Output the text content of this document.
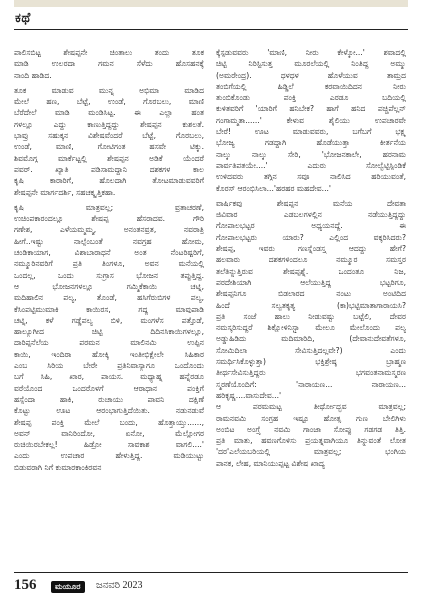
ಕಥೆ
ಪಾಲಿಸಬಿಟ್ಟ ಶೇಷಪ್ಪನೇ ಚಿಂತಾಲು ತಂದು ತೂಕ
ಮಾಡಿ ಉಲರದಾ ಗಮನ ಸೆಳೆದು ಹೊಸಹನಕ್ಕೆ
ನಾಂದಿ ಹಾಡಿದ.
ತೂಕ ಮಾಡುವ ಮುನ್ನ ಅಭಿಮಾ ಮಾಡಿದ
ಮೇಲೆ ಹಣ, ಬೆಟ್ಟೆ, ಉಂಡೆ, ಗೊರಬಲು, ಮಾಣಿ
ಬೆರೆದೇಲೆ ಮಾಡಿ ಮಂಡಿಸಿಟ್ಟ. ಈ ಎಲ್ಲಾ ಹಂತ
ಗಳಲ್ಲೂ ಎದ್ದು ಕಾಣುತ್ತಿದ್ದದ್ದು ಶೇಷಪ್ಪನ ಕುಶಲತೆ.
ಭಾವ್ರು ಸಹುಕ್ಕನ ವಿಶೇಷವೆಂದರೆ ಬೆಟ್ಟೆ, ಗೊರಬಲು,
ಉಂಡೆ, ಮಾಣಿ, ಗೋಟಿಗಂತ ಹಸವೇ ಟಿಕ್ಕು.
ಶಿವಮೊಗ್ಗ ಮಾರ್ಕೆಟ್ಟಲ್ಲಿ ಶೇಷಪ್ಪನ ಅಡಿಕೆ ಯೆಂದರೆ
ಪವರ್. ಖ್ಯಾತಿ ಪಡಿಸಾಮದ್ದಾನಿ ದಶಕಗಳ ಕಾಲ
ಕೃಷಿ ಕಾರಾರಿಗೆ, ಹೊಲದಾಗಿ ತೋಟಮಾಡುವವರಿಗೆ
ಶೇಷಪ್ಪನೇ ಮಾರ್ಗದರ್ಶಿ, ಸಹಚಕ್ಕೃತ್ತಿಕಹಾ.
ಕೃಷಿ ಮಾತ್ರವಲ್ಲ; ವ್ರತಾಚರಣೆ,
ಉಚಿಂಪಕಾರಂದಲ್ಲೂ ಶೇಷಪ್ಪ ಹೆಸರಾದವ. ಗೌರಿ
ಗಣೇಶ, ಎಳೆಯಮ್ಮಮ್ಮ, ಅನಂತನವ್ರತ, ನವರಾತ್ರಿ
ಹೀಗೆ..ಇಷ್ಟು ನಾಲ್ಪೆಂಬಂತೆ ನವಗ್ರಹ ಹೋಮ,
ಚಂಡಿಕಾಯಾಗ, ವಿಶಾಬಾರಾಧನೆ ಅಂತ ನೆಂಟರಿಷ್ಟರಿಗೆ,
ನಮ್ಮೂರಿನವರಿಗೆ ಪ್ರತಿ ತಿಂಗಳೂ, ಅವನ ಮನೆಯಲ್ಲಿ
ಒಂದಲ್ಲ, ಒಂದು ಸುಗ್ರಾಸ ಭೋಜನ ತಪ್ಪುತ್ತಿದ್ದ.
ಆ ಭೋಜನಗಳಲ್ಲೂ ಗಮ್ಮಿಕೆಕಾಯಿ ಚಟ್ನಿ,
ಮದಿಹಾಲಿನ ಪಲ್ಯ, ತೊಂಡೆ, ಹಸಿಗೆರುಬಿಗಳ ಪಲ್ಯ,
ಕೆಸಿಂಪಟ್ಟಿಮುಮಾಕಿ ಕಾಯಿರಸ, ಗದ್ದ ಮಾವುಪಾಡಿ
ಚಟ್ನಿ, ಕಳೆ ಗಡ್ಡೆಪಲ್ಯ ಬಿಳಿ, ಮಂಗಳೆಸ ಪತ್ತೊಡೆ,
ಹಾಲ್ಯೂಗೀದ ಚಿಟ್ಟಿ ದಿದಿನಸಿಕಾಯಿಗಳಲ್ಲೂ,
ದಾರಿಪ್ಪನೆಲೆಯ ಪರಮನ ಮಾಲಿನಮಿ ಉಪ್ಪಿನ
ಕಾಯಿ, ಇಂದಿರಾ ಹೋಕ್ಕಿ ಇಂತೀಭಿಕ್ಷೇಲೇ ಸಿಹಿಕಾರ
ಎಂಬ ಸಿರಿಯ ಬೇರೇ ಪ್ರತಿನಿವಾಸ್ಯಾಗೂ ಒಂದೊಂದು
ಬಗೆ ಸಿಹಿ, ಖಾರ, ಪಾಯಸ. ಮಧ್ಯಾಹ್ನ ಹನ್ನೆರಡೂ
ವರೆಯೊಂದ ಒಂದರೊಳಗೆ ಆರಾಧಾನ ಪಂಕ್ತಿಗೆ
ಹಸ್ಸೆಂದಾ ಹಾಕಿ, ರುಚಾಯು ಪಾವನಿ ದಕ್ಷಿಣೆ
ಕೊಟ್ಟು ಊಟ ಆರಂಭಾಗುತ್ತಿದೆಯಿತು. ನಡುನಡುವೆ
ಶೇಷಪ್ಪ ಪಂಕ್ತಿ ಮೇಲೆ ಬಂದು, ಹೊತ್ತಾಯ್ತು......,
ಅವನ್ ವಾನಿರಿಂದೋ, ಏನೋ, ಮೆಲ್ಲೋಗರ
ರುಚಿಯಿರಬೇಕಲ್ಲ! ಹಿಡ್ರೋ ಸಾವಕಾಶ ವಾಗಲಿ....'
ಎಂದು ಉಪಚಾರ ಹೇಳುತ್ತಿದ್ದ. ಮಡಿಯುಟ್ಟು
ಬಿಡುವರಾಗಿ ನಿಗೆ ಕುಮಾರಕಾಂಕಿರವನ
ಕ್ಕೆಸ್ಪಡುವವರು 'ಮಾಣಿ, ನೀರು ಕೇಳ್ಕೋ...' ಶವಾದಲ್ಲಿ
ಚಿಟ್ಟಿ ನಿರಿಸ್ಟಿಸುತ್ತ ಮೂರಲೆಯಲ್ಲಿ ನಿಂತಿದ್ದ ಅಮ್ಮು
(ಅಮರೇಂದ್ರ). ಧಳಧಳ ಹೊಳೆಯುವ ತಾಮ್ರದ
ತಂಬಿಗೆಯಲ್ಲಿ ಹಿಡ್ಡಿಲೆ ಕರವಾಯಿದಿದನ ನೀರು
ತುಂಬಿಕೊಂಡು ಪಂಕ್ತಿ ಎರಡೂ ಬದಿಯಲ್ಲಿ
ಕುಳಿತವರಿಗೆ 'ಯಾರಿಗೆ ಹನಿಬೇಕ? ಹಾಗೆ ಹನಿದ ಪಚ್ಚಿಪೆಲ್ಲನ್
ಗಂಗಾಮ್ಮತಾ......' ಕೇಳುವ ಶೈಲಿಯು ಉಪಚಾರವೇ
ಬೇರೆ! ಊಟ ಮಾಡುವವರು, ಬಗೆಬಗೆ ಭಕ್ಷ್ಯ
ಭೋಜ್ಯ ಗಡದ್ದಾಗಿ ಹೊಡೆಯುತ್ತಾ ಕೀರ್ತನೆಯ
ನಾಲ್ಕು ನಾಲ್ಕು ಸೇರಿ, 'ಭೋಜನಕಾಲೇ, ಹರನಾಮ
ಪಾರ್ವತಿಪತಯೇ....' ಎದುರು ಸೋಲ್ವೆಟ್ಟಿಸ್ಪಿಂಡಿಕೆ
ಉಳಿದವರು ತಗ್ಗಿನ ಸವೂ ನಾಲಿಸಿದ ಹರಿಯುವಂತೆ,
ಕೊರಸ್ ಆರಂಭಿಸಿಲಾ...'ಹರಹರ ಮಹದೇವ...'
ವಾರ್ಷಿಕವು ಶೇಷಪ್ಪನ ಮನೆಯ ದೇವತಾ
ಜಿವಿವಾರ ಎಡಬಲಗಳಲ್ಲಿನ ನಡೆಯುತ್ತಿದ್ದದ್ದು
ಗೋಪಾಲಭಟ್ಟರ ಅಧ್ಯಯನದ್ದೆ. ಈ
ಗೋಪಾಲಭಟ್ಟರು ಯಾರು? ಎಲ್ಲಿಂದ ವಕ್ಕರಿಸಿದರು?
ಶೇಷಪ್ಪ, ಇವರು ಗಣಸ್ನೆಂಡಸ್ತ್ರ ಆದದ್ದು ಹೇಗೆ?
ಹಲವಾರು ದಶಕಗಳಿಂದಲೂ ನಮ್ಮೂರ ಸಮಸ್ತರ
ತಲೆತಿನ್ನುತ್ತಿರುವ ಶೇಷಪ್ಪಶ್ನೆ. ಒಂದಂತೂ ನಿಜ,
ಪರದೇಶಿಯಾಗಿ ಆಲೆಯುತ್ತಿದ್ದ ಭಟ್ಟರಿಗೂ,
ಶೇಷಪ್ಪನಿಗೂ ಬಿಡಲಾರದ ನಂಟು ಅಂಟಿದಿದ
ಹಿಂದೆ ಸಲ್ವತಕೃತ್ಯ (ಕಾ)ಭಟ್ಟಿಮಾತಾಗಾರಾಯಸಿ?
ಪ್ರತಿ ಸಂಜೆ ಹಾಲು ನೀಡುವಷ್ಟು ಬಟ್ಟೆಲಿ, ದೇವರ
ನಮಸ್ಕರಿಸುದ್ದರೆ ಶಿಕ್ಷೋಳಿನಿಸ್ಟ್ಲಾ ಮೇಲೂ ಮೇಲೊಂದು ಪಲ್ಯ
ಅಡ್ಡುಹಿಡಿದು ಮದಿಮಾರಿದಿ, (ದೇವಾನುದೇವತೆಗಳೂ,
ಸೋಮಿದಿಲಾ ಸೇವಿಸುತ್ತಿದಲ್ಲವೇ?) ಎಂದು
ಸಮರ್ಥಿಸಿಕೊಳ್ಳುತ್ತಾ) ಭಕ್ತಿಶ್ರೇಷ್ಠ ಬ್ರಾಹ್ಮಣ
ತೀರ್ಥಸೇವಿಸುತ್ತಿದ್ದರು ಭಗವಂತನಾಮಸ್ಮರಣ
ಸ್ಮರಣೆಯೊಂದಿಗೆ: 'ನಾರಾಯಣ... ನಾರಾಯಣ...
ಹರಿಕೃಷ್ಣ....ವಾಸುದೇವ...'
ಆ ಪರಮಮಟ್ಟ ತೀರ್ಥೋದ್ಭವ ಮಾತ್ರವಲ್ಲ;
ರಾಮನವಮಿ ಸಂಗ್ರಹ ಇಷ್ಟೂ ಹೋತ್ಸ ಗುಣ ಬೇಲಿಗಿಳು
ಅಂಬಿಟ ಅಂಗ್ರ್ಯೆ ನವಮಿ ಗಾಂಜಾ ಸೋಪ್ಪು ಗಡಗಡ ತಿತ್ತಿ.
ಪ್ರತಿ ಮಾತು, ಹವಣಗೊಳಿಸು ಪ್ರಯತ್ನವಾಗಿಯೂ ತಿನ್ನುವಂತೆ ಲೋತ
'ದರ'ಎಲೆಯಬರಿಯಲ್ಲಿ ಮಾತ್ರವಲ್ಲ; ಭಂಗಿಯ
ಪಾನಕ, ಲೇಹ, ಮಾನಿಯುಪ್ಪಟ್ಟ ವಿಶೇಷ ಖಾದ್ಯ
156	ಮಯೂರ	ಜನವರಿ 2023
